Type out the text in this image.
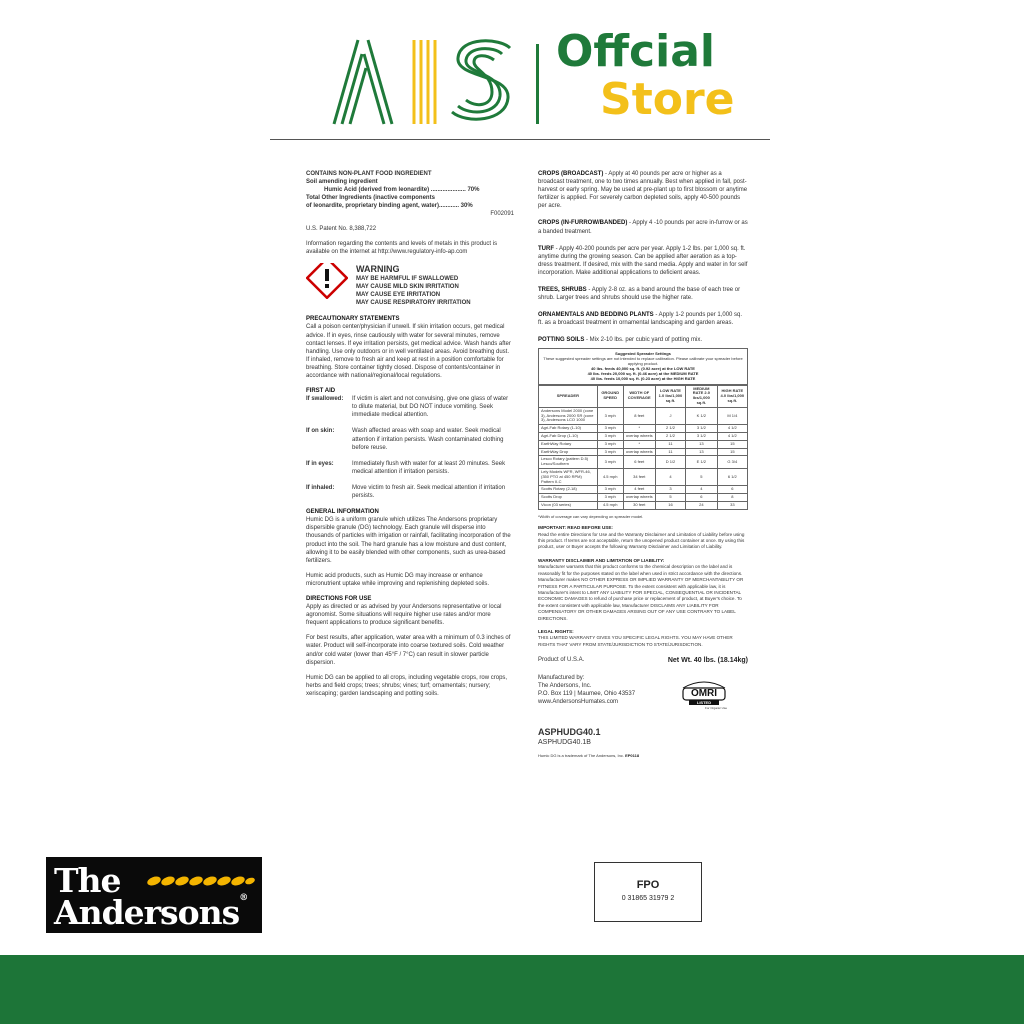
Offcial
Store
CONTAINS NON-PLANT FOOD INGREDIENT
Soil amending ingredient
Humic Acid (derived from leonardite) ..................... 70%
Total Other Ingredients (inactive components
of leonardite, proprietary binding agent, water)............ 30%
F002091

U.S. Patent No. 8,388,722

Information regarding the contents and levels of metals in this product is available on the internet at http://www.regulatory-info-ap.com

WARNING
MAY BE HARMFUL IF SWALLOWED
MAY CAUSE MILD SKIN IRRITATION
MAY CAUSE EYE IRRITATION
MAY CAUSE RESPIRATORY IRRITATION
PRECAUTIONARY STATEMENTS

Call a poison center/physician if unwell. If skin irritation occurs, get medical advice. If in eyes, rinse cautiously with water for several minutes, remove contact lenses. If eye irritation persists, get medical advice. Wash hands after handling. Use only outdoors or in well ventilated areas. Avoid breathing dust. If inhaled, remove to fresh air and keep at rest in a position comfortable for breathing. Store container tightly closed. Dispose of contents/container in accordance with national/regional/local regulations.

FIRST AID
If swallowed:	If victim is alert and not convulsing, give one glass of water to dilute material, but DO NOT induce vomiting. Seek immediate medical attention.
If on skin:	Wash affected areas with soap and water. Seek medical attention if irritation persists. Wash contaminated clothing before reuse.
If in eyes:	Immediately flush with water for at least 20 minutes. Seek medical attention if irritation persists.
If inhaled:	Move victim to fresh air. Seek medical attention if irritation persists.
GENERAL INFORMATION

Humic DG is a uniform granule which utilizes The Andersons proprietary dispersible granule (DG) technology. Each granule will disperse into thousands of particles with irrigation or rainfall, facilitating incorporation of the product into the soil. The hard granule has a low moisture and dust content, allowing it to be easily blended with other components, such as urea-based fertilizers.

Humic acid products, such as Humic DG may increase or enhance micronutrient uptake while improving and replenishing depleted soils.

DIRECTIONS FOR USE

Apply as directed or as advised by your Andersons representative or local agronomist. Some situations will require higher use rates and/or more frequent applications to produce significant benefits.

For best results, after application, water area with a minimum of 0.3 inches of water. Product will self-incorporate into coarse textured soils. Cold weather and/or cold water (lower than 45°F / 7°C) can result in slower particle dispersion.

Humic DG can be applied to all crops, including vegetable crops, row crops, herbs and field crops; trees; shrubs; vines; turf; ornamentals; nursery; xeriscaping; garden landscaping and potting soils.

CROPS (BROADCAST) - Apply at 40 pounds per acre or higher as a broadcast treatment, one to two times annually. Best when applied in fall, post-harvest or early spring. May be used at pre-plant up to first blossom or anytime fertilizer is applied. For severely carbon depleted soils, apply 40-500 pounds per acre.
CROPS (IN-FURROW/BANDED) - Apply 4 -10 pounds per acre in-furrow or as a banded treatment.
TURF - Apply 40-200 pounds per acre per year. Apply 1-2 lbs. per 1,000 sq. ft. anytime during the growing season. Can be applied after aeration as a top-dress treatment. If desired, mix with the sand media. Apply and water in for self incorporation. Make additional applications to deficient areas.
TREES, SHRUBS - Apply 2-8 oz. as a band around the base of each tree or shrub. Larger trees and shrubs should use the higher rate.
ORNAMENTALS AND BEDDING PLANTS - Apply 1-2 pounds per 1,000 sq. ft. as a broadcast treatment in ornamental landscaping and garden areas.
POTTING SOILS - Mix 2-10 lbs. per cubic yard of potting mix.
Suggested Spreader Settings
These suggested spreader settings are not intended to replace calibration. Please calibrate your spreader before applying product.
40 lbs. feeds 40,000 sq. ft. (0.92 acre) at the LOW RATE
40 lbs. feeds 20,000 sq. ft. (0.46 acre) at the MEDIUM RATE
40 lbs. feeds 10,000 sq. ft. (0.23 acre) at the HIGH RATE
SPREADER	GROUND SPEED	WIDTH OF COVERAGE	LOW RATE 1.0 lbs/1,000 sq.ft.	MEDIUM RATE 2.0 lbs/1,000 sq.ft.	HIGH RATE 4.0 lbs/1,000 sq.ft.
Andersons Model 2000 (cone 3), Andersons 2000 SR (cone 3), Andersons LCO 1000	3 mph	8 feet	J	K 1/2	M 1/4
Agri-Fab Rotary (1-10)	3 mph	*	2 1/2	3 1/2	4 1/2
Agri-Fab Drop (1-10)	3 mph	overlap wheels	2 1/2	3 1/2	4 1/2
EarthWay Rotary	3 mph	*	11	13	15
EarthWay Drop	3 mph	overlap wheels	11	13	15
Lesco Rotary (pattern D.5) Lesco/Southern	3 mph	6 feet	D 1/2	E 1/2	G 3/4
Lely Models WFR, WFR-46, (350 PTO at 450 RPM) Pattern II-C	4.5 mph	34 feet	4	5	6 1/2
Scotts Rotary (2-18)	3 mph	4 feet	3	4	6
Scotts Drop	3 mph	overlap wheels	5	6	8
Vicon (03 series)	4.5 mph	30 feet	16	24	33
*Width of coverage can vary depending on spreader model.
IMPORTANT: READ BEFORE USE:

Read the entire Directions for Use and the Warranty Disclaimer and Limitation of Liability before using this product. If terms are not acceptable, return the unopened product container at once. By using this product, user or Buyer accepts the following Warranty Disclaimer and Limitation of Liability.

WARRANTY DISCLAIMER AND LIMITATION OF LIABILITY:

Manufacturer warrants that this product conforms to the chemical description on the label and is reasonably fit for the purposes stated on the label when used in strict accordance with the directions. Manufacturer makes NO OTHER EXPRESS OR IMPLIED WARRANTY OF MERCHANTABILITY OR FITNESS FOR A PARTICULAR PURPOSE. To the extent consistent with applicable law, it is Manufacturer's intent to LIMIT ANY LIABILITY FOR SPECIAL, CONSEQUENTIAL OR INCIDENTAL ECONOMIC DAMAGES to refund of purchase price or replacement of product, at Buyer's choice. To the extent consistent with applicable law, Manufacturer DISCLAIMS ANY LIABILITY FOR COMPENSATORY OR OTHER DAMAGES ARISING OUT OF ANY USE CONTRARY TO LABEL DIRECTIONS.

LEGAL RIGHTS:

THIS LIMITED WARRANTY GIVES YOU SPECIFIC LEGAL RIGHTS. YOU MAY HAVE OTHER RIGHTS THAT VARY FROM STATE/JURISDICTION TO STATE/JURISDICTION.

Product of U.S.A.	Net Wt. 40 lbs. (18.14kg)
Manufactured by:
The Andersons, Inc.
P.O. Box 119 | Maumee, Ohio 43537
www.AndersonsHumates.com
OMRI
LISTED
For Organic Use
ASPHUDG40.1
ASPHUDG40.1B
Humic DG is a trademark of The Andersons, Inc. EP0118
FPO
0 31865 31979 2
The
Andersons®
